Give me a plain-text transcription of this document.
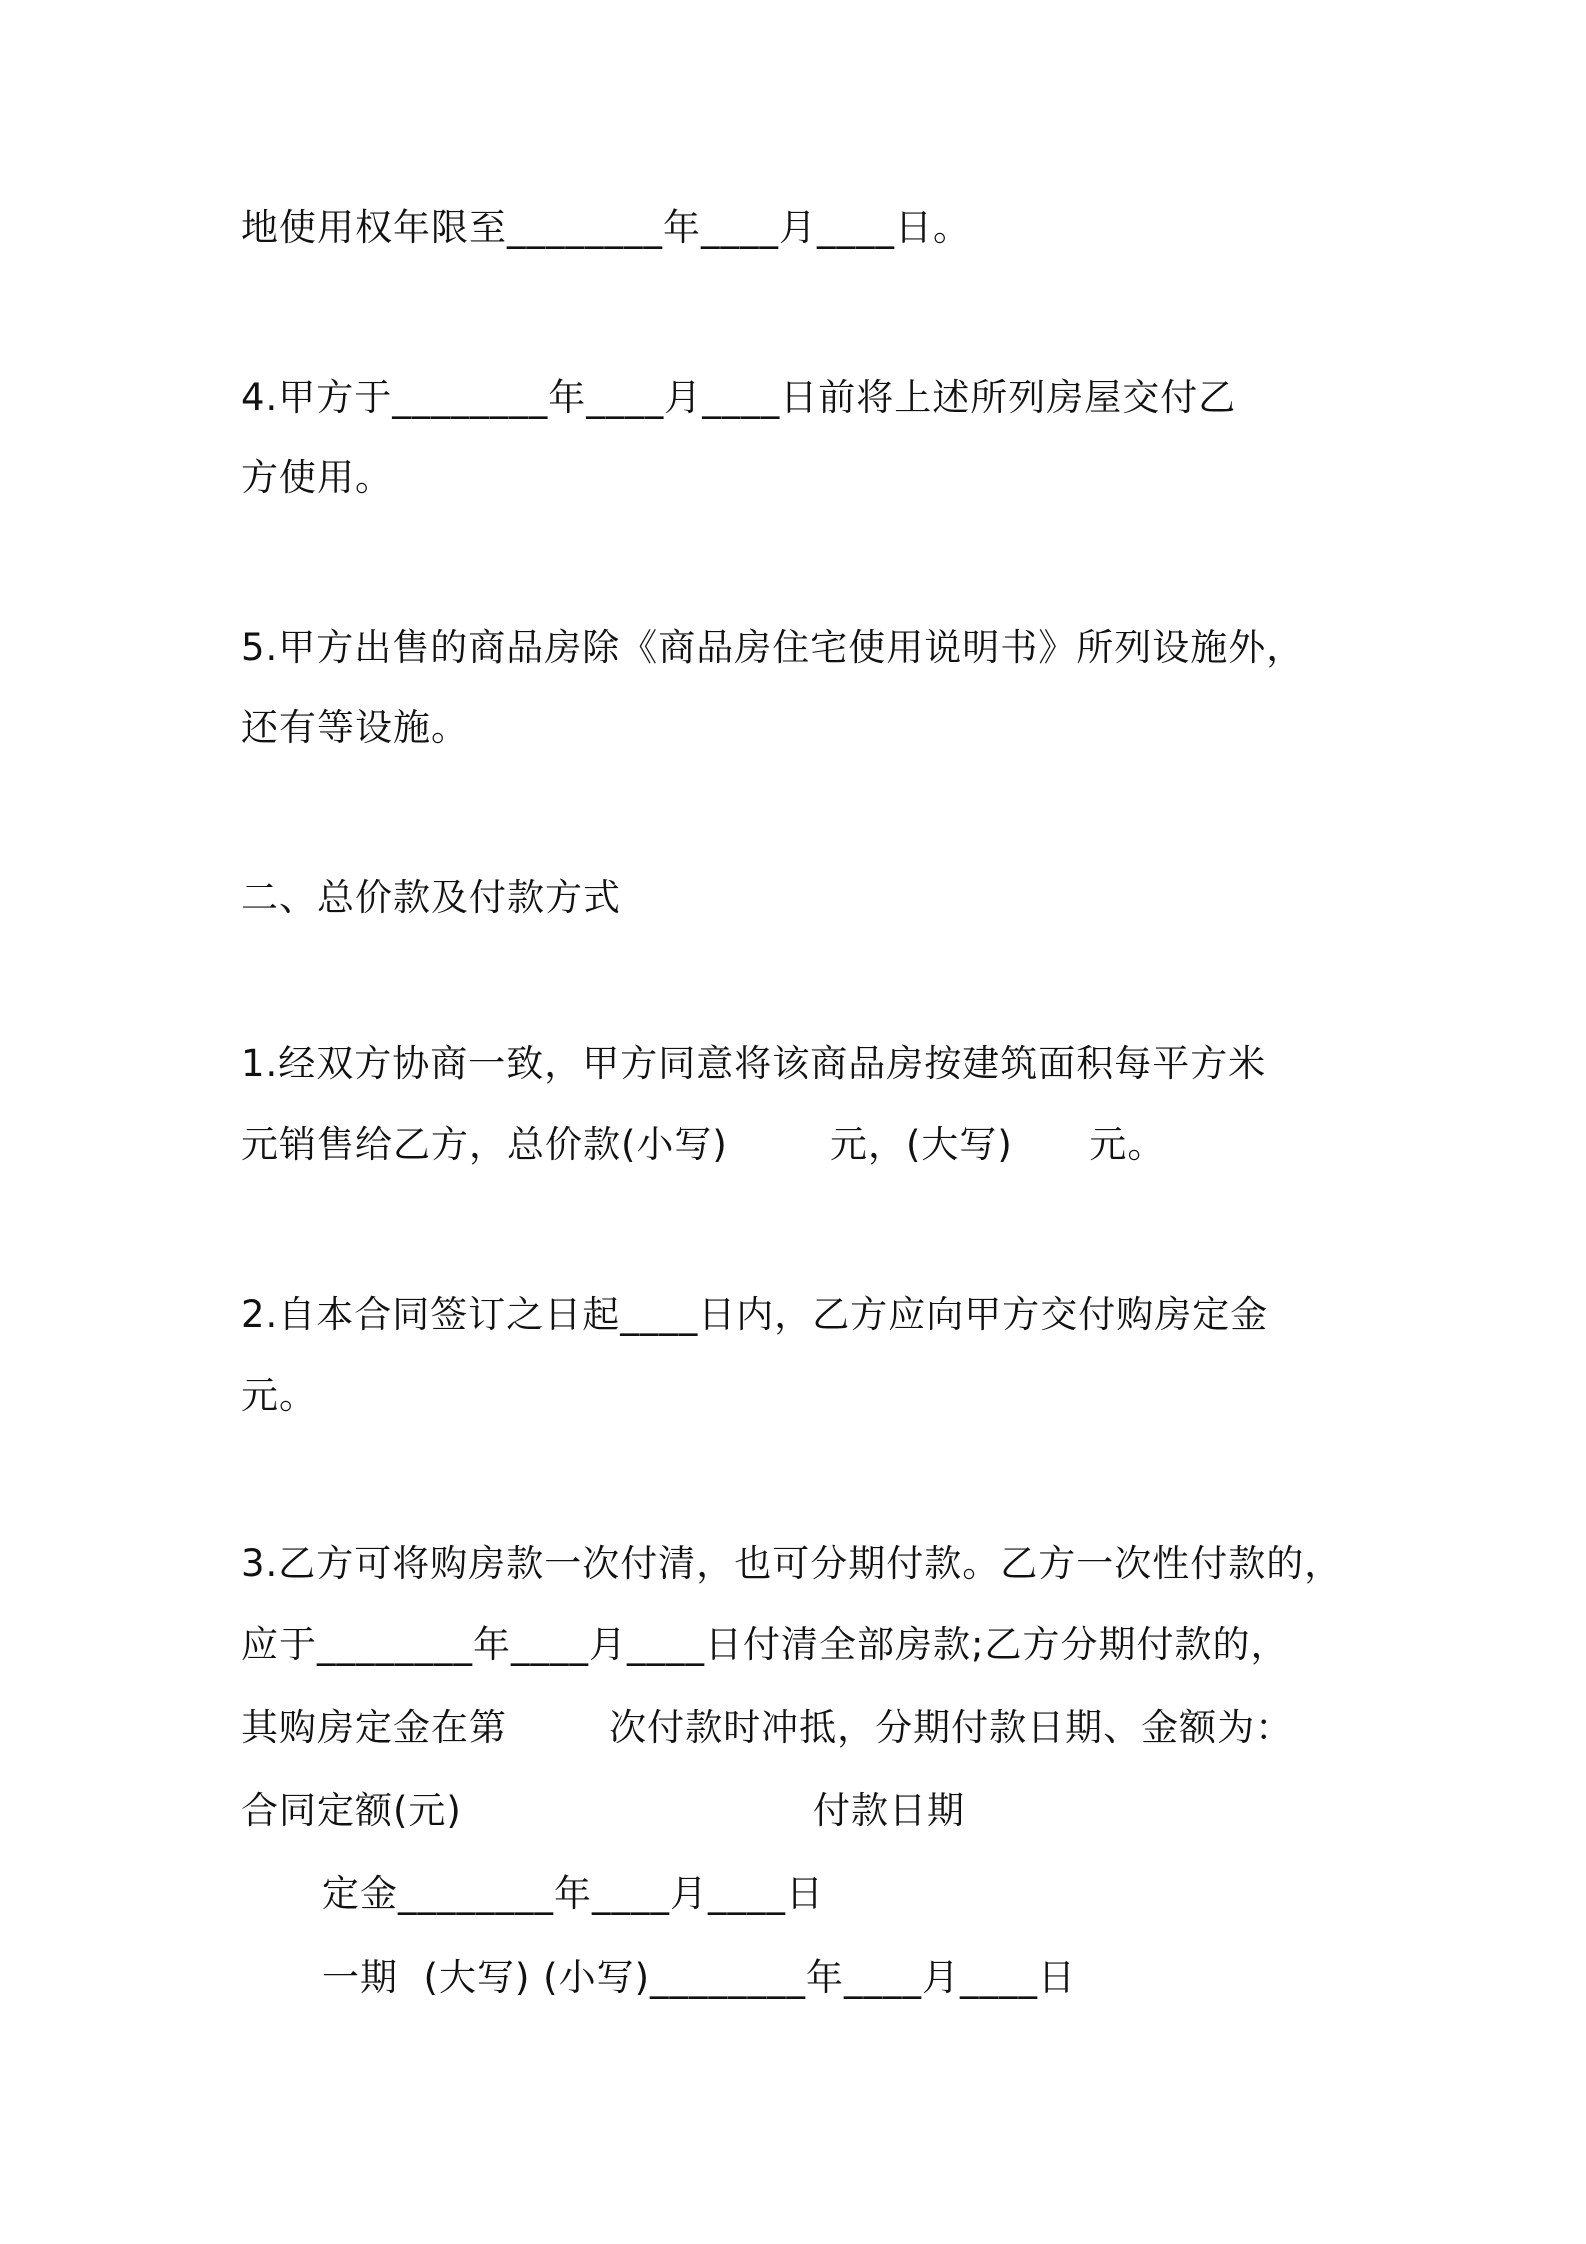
地使用权年限至________年____月____日。

4.甲方于________年____月____日前将上述所列房屋交付乙

方使用。

5.甲方出售的商品房除《商品房住宅使用说明书》所列设施外，

还有等设施。

二、总价款及付款方式

1.经双方协商一致，甲方同意将该商品房按建筑面积每平方米

元销售给乙方，总价款(小写)        元，(大写)      元。

2.自本合同签订之日起____日内，乙方应向甲方交付购房定金

元。

3.乙方可将购房款一次付清，也可分期付款。乙方一次性付款的，

应于________年____月____日付清全部房款;乙方分期付款的，

其购房定金在第        次付款时冲抵，分期付款日期、金额为：

合同定额(元)	付款日期

定金________年____月____日

一期  (大写) (小写)________年____月____日
